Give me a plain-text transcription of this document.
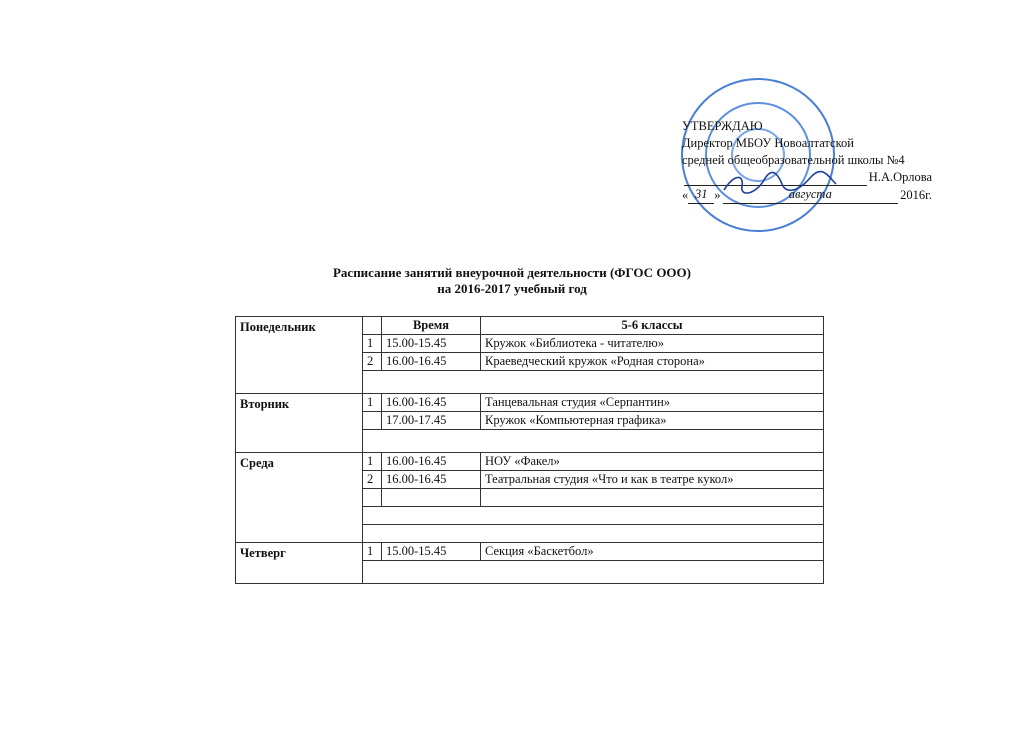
УТВЕРЖДАЮ
Директор МБОУ Новоалтатской
средней общеобразовательной школы №4
Н.А.Орлова
« 31 »	августа	2016г.
Расписание занятий внеурочной деятельности (ФГОС ООО)
на 2016-2017 учебный год
Понедельник		Время	5-6 классы
	1	15.00-15.45	Кружок «Библиотека - читателю»
	2	16.00-16.45	Краеведческий кружок «Родная сторона»

Вторник	1	16.00-16.45	Танцевальная студия «Серпантин»
		17.00-17.45	Кружок «Компьютерная графика»

Среда	1	16.00-16.45	НОУ «Факел»
	2	16.00-16.45	Театральная студия «Что и как в театре кукол»

Четверг	1	15.00-15.45	Секция «Баскетбол»
